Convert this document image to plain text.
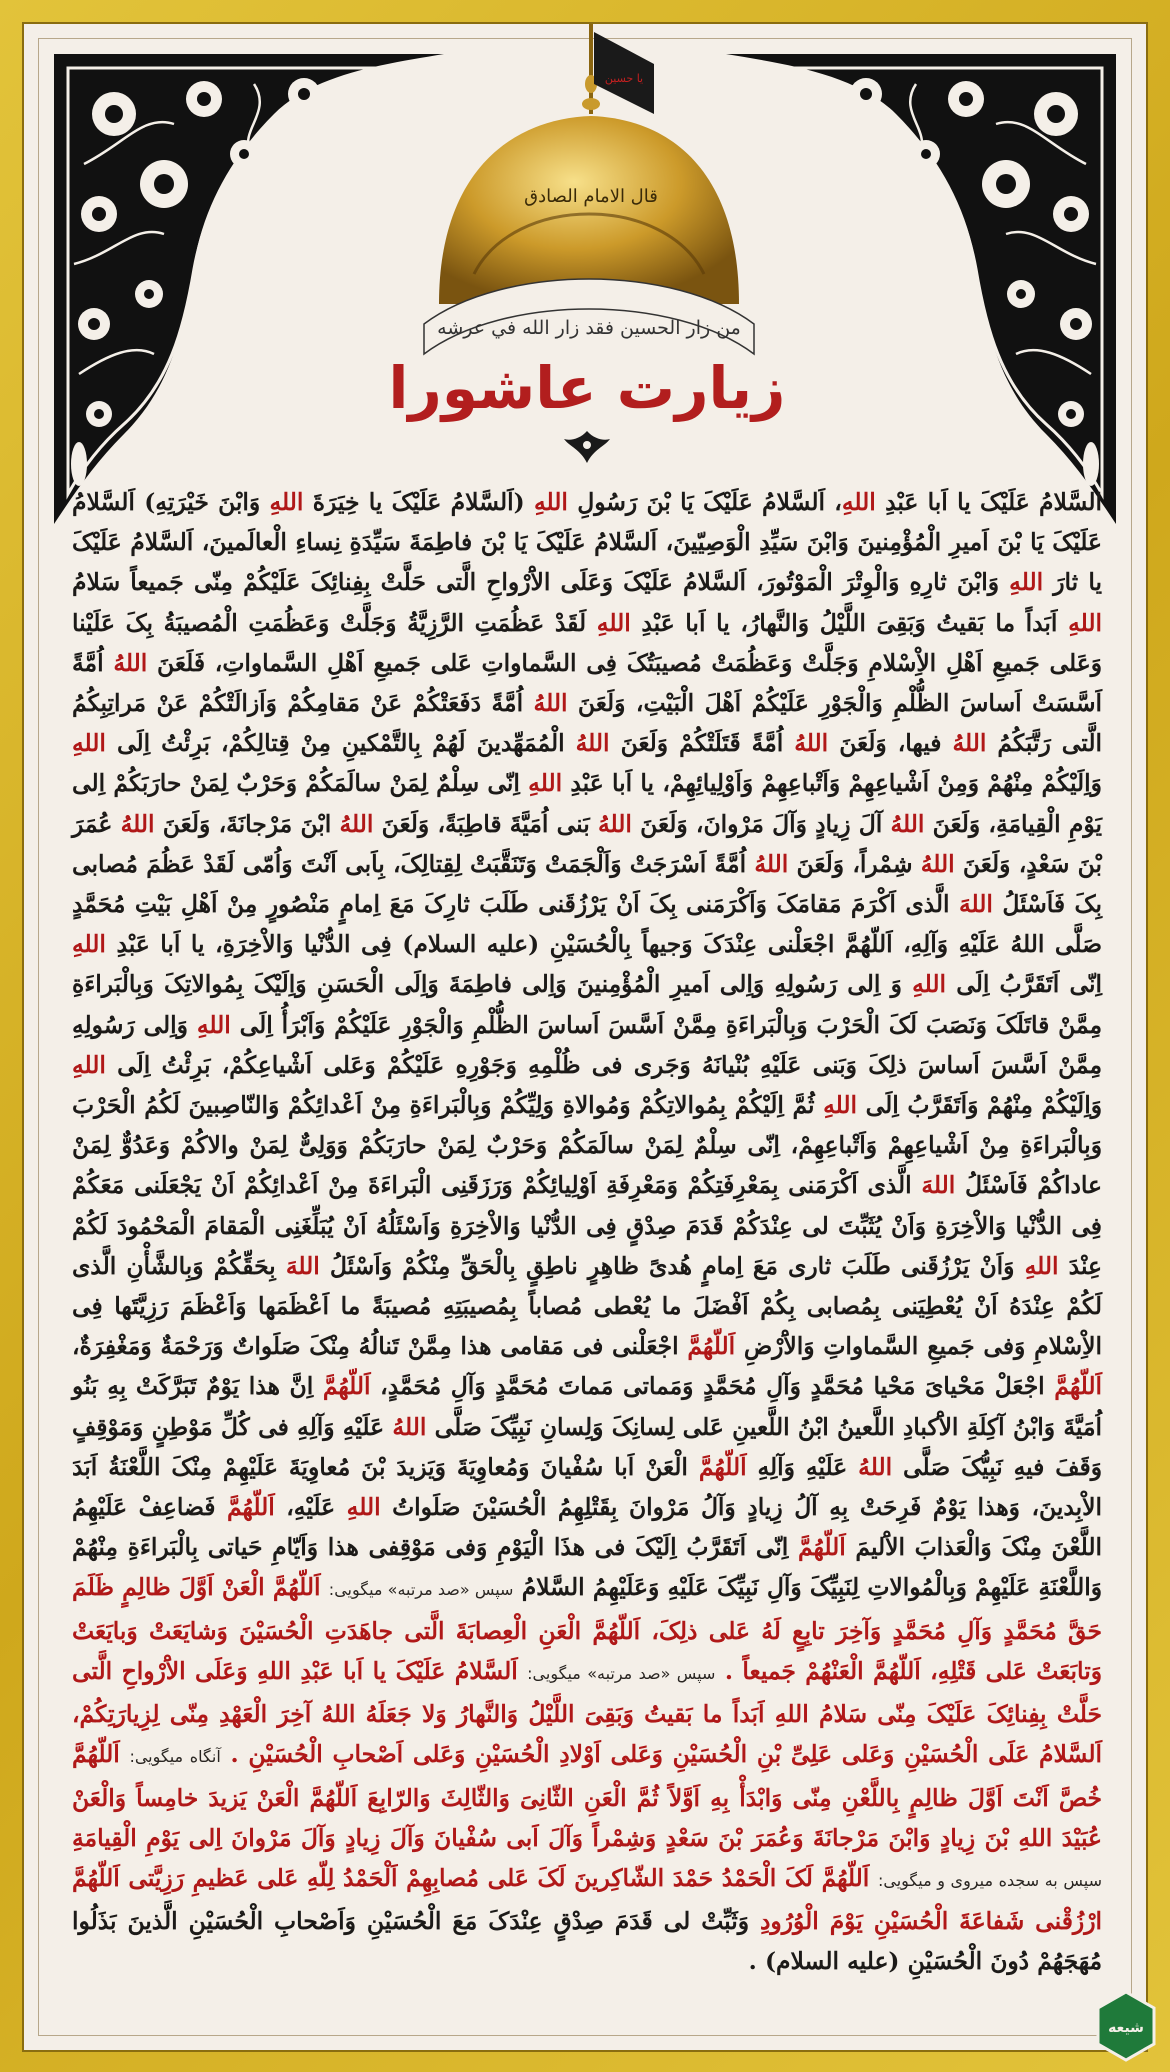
یا حسین
قال الامام الصادق
من زار الحسين فقد زار الله في عرشه
زیارت عاشورا
السَّلامُ عَلَیْکَ یا اَبا عَبْدِ اللهِ، اَلسَّلامُ عَلَیْکَ یَا بْنَ رَسُولِ اللهِ (اَلسَّلامُ عَلَیْکَ یا خِیَرَةَ اللهِ وَابْنَ خَیْرَتِهِ) اَلسَّلامُ عَلَیْکَ یَا بْنَ اَمیرِ الْمُؤْمِنینَ وَابْنَ سَیِّدِ الْوَصِیّینَ، اَلسَّلامُ عَلَیْکَ یَا بْنَ فاطِمَةَ سَیِّدَةِ نِساءِ الْعالَمینَ، اَلسَّلامُ عَلَیْکَ یا ثارَ اللهِ وَابْنَ ثارِهِ وَالْوِتْرَ الْمَوْتُورَ، اَلسَّلامُ عَلَیْکَ وَعَلَی الاَْرْواحِ الَّتی حَلَّتْ بِفِنائِکَ عَلَیْکُمْ مِنّی جَمیعاً سَلامُ اللهِ اَبَداً ما بَقیتُ وَبَقِیَ اللَّیْلُ وَالنَّهارُ، یا اَبا عَبْدِ اللهِ لَقَدْ عَظُمَتِ الرَّزِیَّةُ وَجَلَّتْ وَعَظُمَتِ الْمُصیبَةُ بِکَ عَلَیْنا وَعَلی جَمیعِ اَهْلِ الاِْسْلامِ وَجَلَّتْ وَعَظُمَتْ مُصیبَتُکَ فِی السَّماواتِ عَلی جَمیعِ اَهْلِ السَّماواتِ، فَلَعَنَ اللهُ اُمَّةً اَسَّسَتْ اَساسَ الظُّلْمِ وَالْجَوْرِ عَلَیْکُمْ اَهْلَ الْبَیْتِ، وَلَعَنَ اللهُ اُمَّةً دَفَعَتْکُمْ عَنْ مَقامِکُمْ وَاَزالَتْکُمْ عَنْ مَراتِبِکُمُ الَّتی رَتَّبَکُمُ اللهُ فیها، وَلَعَنَ اللهُ اُمَّةً قَتَلَتْکُمْ وَلَعَنَ اللهُ الْمُمَهِّدینَ لَهُمْ بِالتَّمْکینِ مِنْ قِتالِکُمْ، بَرِئْتُ اِلَی اللهِ وَاِلَیْکُمْ مِنْهُمْ وَمِنْ اَشْیاعِهِمْ وَاَتْباعِهِمْ وَاَوْلِیائِهِمْ، یا اَبا عَبْدِ اللهِ اِنّی سِلْمٌ لِمَنْ سالَمَکُمْ وَحَرْبٌ لِمَنْ حارَبَکُمْ اِلی یَوْمِ الْقِیامَةِ، وَلَعَنَ اللهُ آلَ زِیادٍ وَآلَ مَرْوانَ، وَلَعَنَ اللهُ بَنی اُمَیَّةَ قاطِبَةً، وَلَعَنَ اللهُ ابْنَ مَرْجانَةَ، وَلَعَنَ اللهُ عُمَرَ بْنَ سَعْدٍ، وَلَعَنَ اللهُ شِمْراً، وَلَعَنَ اللهُ اُمَّةً اَسْرَجَتْ وَاَلْجَمَتْ وَتَنَقَّبَتْ لِقِتالِکَ، بِاَبی اَنْتَ وَاُمّی لَقَدْ عَظُمَ مُصابی بِکَ فَاَسْئَلُ اللهَ الَّذی اَکْرَمَ مَقامَکَ وَاَکْرَمَنی بِکَ اَنْ یَرْزُقَنی طَلَبَ ثارِکَ مَعَ اِمامٍ مَنْصُورٍ مِنْ اَهْلِ بَیْتِ مُحَمَّدٍ صَلَّی اللهُ عَلَیْهِ وَآلِهِ، اَللّهُمَّ اجْعَلْنی عِنْدَکَ وَجیهاً بِالْحُسَیْنِ (علیه السلام) فِی الدُّنْیا وَالاْخِرَةِ، یا اَبا عَبْدِ اللهِ اِنّی اَتَقَرَّبُ اِلَی اللهِ وَ اِلی رَسُولِهِ وَاِلی اَمیرِ الْمُؤْمِنینَ وَاِلی فاطِمَةَ وَاِلَی الْحَسَنِ وَاِلَیْکَ بِمُوالاتِکَ وَبِالْبَراءَةِ مِمَّنْ قاتَلَکَ وَنَصَبَ لَکَ الْحَرْبَ وَبِالْبَراءَةِ مِمَّنْ اَسَّسَ اَساسَ الظُّلْمِ وَالْجَوْرِ عَلَیْکُمْ وَاَبْرَأُ اِلَی اللهِ وَاِلی رَسُولِهِ مِمَّنْ اَسَّسَ اَساسَ ذلِکَ وَبَنی عَلَیْهِ بُنْیانَهُ وَجَری فی ظُلْمِهِ وَجَوْرِهِ عَلَیْکُمْ وَعَلی اَشْیاعِکُمْ، بَرِئْتُ اِلَی اللهِ وَاِلَیْکُمْ مِنْهُمْ وَاَتَقَرَّبُ اِلَی اللهِ ثُمَّ اِلَیْکُمْ بِمُوالاتِکُمْ وَمُوالاةِ وَلِیِّکُمْ وَبِالْبَراءَةِ مِنْ اَعْدائِکُمْ وَالنّاصِبینَ لَکُمُ الْحَرْبَ وَبِالْبَراءَةِ مِنْ اَشْیاعِهِمْ وَاَتْباعِهِمْ، اِنّی سِلْمٌ لِمَنْ سالَمَکُمْ وَحَرْبٌ لِمَنْ حارَبَکُمْ وَوَلِیٌّ لِمَنْ والاکُمْ وَعَدُوٌّ لِمَنْ عاداکُمْ فَاَسْئَلُ اللهَ الَّذی اَکْرَمَنی بِمَعْرِفَتِکُمْ وَمَعْرِفَةِ اَوْلِیائِکُمْ وَرَزَقَنِی الْبَراءَةَ مِنْ اَعْدائِکُمْ اَنْ یَجْعَلَنی مَعَکُمْ فِی الدُّنْیا وَالاْخِرَةِ وَاَنْ یُثَبِّتَ لی عِنْدَکُمْ قَدَمَ صِدْقٍ فِی الدُّنْیا وَالاْخِرَةِ وَاَسْئَلُهُ اَنْ یُبَلِّغَنِی الْمَقامَ الْمَحْمُودَ لَکُمْ عِنْدَ اللهِ وَاَنْ یَرْزُقَنی طَلَبَ ثاری مَعَ اِمامٍ هُدیً ظاهِرٍ ناطِقٍ بِالْحَقِّ مِنْکُمْ وَاَسْئَلُ اللهَ بِحَقِّکُمْ وَبِالشَّأْنِ الَّذی لَکُمْ عِنْدَهُ اَنْ یُعْطِیَنی بِمُصابی بِکُمْ اَفْضَلَ ما یُعْطی مُصاباً بِمُصیبَتِهِ مُصیبَةً ما اَعْظَمَها وَاَعْظَمَ رَزِیَّتَها فِی الاِْسْلامِ وَفی جَمیعِ السَّماواتِ وَالاَْرْضِ اَللّهُمَّ اجْعَلْنی فی مَقامی هذا مِمَّنْ تَنالُهُ مِنْکَ صَلَواتٌ وَرَحْمَةٌ وَمَغْفِرَةٌ، اَللّهُمَّ اجْعَلْ مَحْیایَ مَحْیا مُحَمَّدٍ وَآلِ مُحَمَّدٍ وَمَماتی مَماتَ مُحَمَّدٍ وَآلِ مُحَمَّدٍ، اَللّهُمَّ اِنَّ هذا یَوْمٌ تَبَرَّکَتْ بِهِ بَنُو اُمَیَّةَ وَابْنُ آکِلَةِ الاَْکبادِ اللَّعینُ ابْنُ اللَّعینِ عَلی لِسانِکَ وَلِسانِ نَبِیِّکَ صَلَّی اللهُ عَلَیْهِ وَآلِهِ فی کُلِّ مَوْطِنٍ وَمَوْقِفٍ وَقَفَ فیهِ نَبِیُّکَ صَلَّی اللهُ عَلَیْهِ وَآلِهِ اَللّهُمَّ الْعَنْ اَبا سُفْیانَ وَمُعاوِیَةَ وَیَزیدَ بْنَ مُعاوِیَةَ عَلَیْهِمْ مِنْکَ اللَّعْنَةُ اَبَدَ الاْبِدینَ، وَهذا یَوْمٌ فَرِحَتْ بِهِ آلُ زِیادٍ وَآلُ مَرْوانَ بِقَتْلِهِمُ الْحُسَیْنَ صَلَواتُ اللهِ عَلَیْهِ، اَللّهُمَّ فَضاعِفْ عَلَیْهِمُ اللَّعْنَ مِنْکَ وَالْعَذابَ الاَْلیمَ اَللّهُمَّ اِنّی اَتَقَرَّبُ اِلَیْکَ فی هذَا الْیَوْمِ وَفی مَوْقِفی هذا وَاَیّامِ حَیاتی بِالْبَراءَةِ مِنْهُمْ وَاللَّعْنَةِ عَلَیْهِمْ وَبِالْمُوالاتِ لِنَبِیِّکَ وَآلِ نَبِیِّکَ عَلَیْهِ وَعَلَیْهِمُ السَّلامُ سپس «صد مرتبه» میگویی: اَللّهُمَّ الْعَنْ اَوَّلَ ظالِمٍ ظَلَمَ حَقَّ مُحَمَّدٍ وَآلِ مُحَمَّدٍ وَآخِرَ تابِعٍ لَهُ عَلی ذلِکَ، اَللّهُمَّ الْعَنِ الْعِصابَةَ الَّتی جاهَدَتِ الْحُسَیْنَ وَشایَعَتْ وَبایَعَتْ وَتابَعَتْ عَلی قَتْلِهِ، اَللّهُمَّ الْعَنْهُمْ جَمیعاً . سپس «صد مرتبه» میگویی: اَلسَّلامُ عَلَیْکَ یا اَبا عَبْدِ اللهِ وَعَلَی الاَْرْواحِ الَّتی حَلَّتْ بِفِنائِکَ عَلَیْکَ مِنّی سَلامُ اللهِ اَبَداً ما بَقیتُ وَبَقِیَ اللَّیْلُ وَالنَّهارُ وَلا جَعَلَهُ اللهُ آخِرَ الْعَهْدِ مِنّی لِزِیارَتِکُمْ، اَلسَّلامُ عَلَی الْحُسَیْنِ وَعَلی عَلِیِّ بْنِ الْحُسَیْنِ وَعَلی اَوْلادِ الْحُسَیْنِ وَعَلی اَصْحابِ الْحُسَیْنِ . آنگاه میگویی: اَللّهُمَّ خُصَّ اَنْتَ اَوَّلَ ظالِمٍ بِاللَّعْنِ مِنّی وَابْدَأْ بِهِ اَوَّلاً ثُمَّ الْعَنِ الثّانِیَ وَالثّالِثَ وَالرّابِعَ اَللّهُمَّ الْعَنْ یَزیدَ خامِساً وَالْعَنْ عُبَیْدَ اللهِ بْنَ زِیادٍ وَابْنَ مَرْجانَةَ وَعُمَرَ بْنَ سَعْدٍ وَشِمْراً وَآلَ اَبی سُفْیانَ وَآلَ زِیادٍ وَآلَ مَرْوانَ اِلی یَوْمِ الْقِیامَةِ سپس به سجده میروی و میگویی: اَللّهُمَّ لَکَ الْحَمْدُ حَمْدَ الشّاکِرینَ لَکَ عَلی مُصابِهِمْ اَلْحَمْدُ لِلّهِ عَلی عَظیمِ رَزِیَّتی اَللّهُمَّ ارْزُقْنی شَفاعَةَ الْحُسَیْنِ یَوْمَ الْوُرُودِ وَثَبِّتْ لی قَدَمَ صِدْقٍ عِنْدَکَ مَعَ الْحُسَیْنِ وَاَصْحابِ الْحُسَیْنِ الَّذینَ بَذَلُوا مُهَجَهُمْ دُونَ الْحُسَیْنِ (علیه السلام) .
شیعه
